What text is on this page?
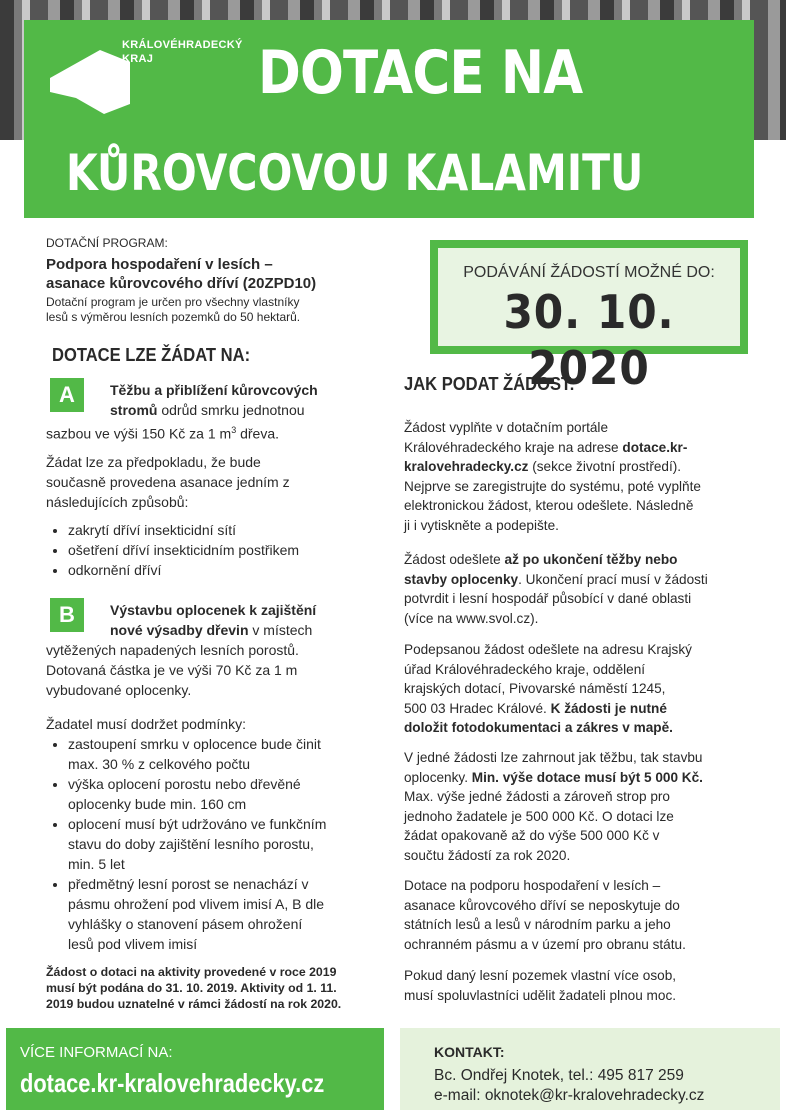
KRÁLOVÉHRADECKÝ
KRAJ	DOTACE NA
KŮROVCOVOU KALAMITU
DOTAČNÍ PROGRAM:
Podpora hospodaření v lesích –
asanace kůrovcového dříví (20ZPD10)
Dotační program je určen pro všechny vlastníky
lesů s výměrou lesních pozemků do 50 hektarů.
DOTACE LZE ŽÁDAT NA:
A	Těžbu a přiblížení kůrovcových
stromů odrůd smrku jednotnou
sazbou ve výši 150 Kč za 1 $m^3$ dřeva.
Žádat lze za předpokladu, že bude
současně provedena asanace jedním z
následujících způsobů:
• zakrytí dříví insekticidní sítí
• ošetření dříví insekticidním postřikem
• odkornění dříví
B	Výstavbu oplocenek k zajištění
nové výsadby dřevin v místech
vytěžených napadených lesních porostů.
Dotovaná částka je ve výši 70 Kč za 1 m
vybudované oplocenky.
Žadatel musí dodržet podmínky:
• zastoupení smrku v oplocence bude činit
max. 30 % z celkového počtu
• výška oplocení porostu nebo dřevěné
oplocenky bude min. 160 cm
• oplocení musí být udržováno ve funkčním
stavu do doby zajištění lesního porostu,
min. 5 let
• předmětný lesní porost se nenachází v
pásmu ohrožení pod vlivem imisí A, B dle
vyhlášky o stanovení pásem ohrožení
lesů pod vlivem imisí
Žádost o dotaci na aktivity provedené v roce 2019
musí být podána do 31. 10. 2019. Aktivity od 1. 11.
2019 budou uznatelné v rámci žádostí na rok 2020.
PODÁVÁNÍ ŽÁDOSTÍ MOŽNÉ DO:
30. 10. 2020
JAK PODAT ŽÁDOST:
Žádost vyplňte v dotačním portále
Královéhradeckého kraje na adrese dotace.kr-
kralovehradecky.cz (sekce životní prostředí).
Nejprve se zaregistrujte do systému, poté vyplňte
elektronickou žádost, kterou odešlete. Následně
ji i vytiskněte a podepište.
Žádost odešlete až po ukončení těžby nebo
stavby oplocenky. Ukončení prací musí v žádosti
potvrdit i lesní hospodář působící v dané oblasti
(více na www.svol.cz).
Podepsanou žádost odešlete na adresu Krajský
úřad Královéhradeckého kraje, oddělení
krajských dotací, Pivovarské náměstí 1245,
500 03 Hradec Králové. K žádosti je nutné
doložit fotodokumentaci a zákres v mapě.
V jedné žádosti lze zahrnout jak těžbu, tak stavbu
oplocenky. Min. výše dotace musí být 5 000 Kč.
Max. výše jedné žádosti a zároveň strop pro
jednoho žadatele je 500 000 Kč. O dotaci lze
žádat opakovaně až do výše 500 000 Kč v
součtu žádostí za rok 2020.
Dotace na podporu hospodaření v lesích –
asanace kůrovcového dříví se neposkytuje do
státních lesů a lesů v národním parku a jeho
ochranném pásmu a v území pro obranu státu.
Pokud daný lesní pozemek vlastní více osob,
musí spoluvlastníci udělit žadateli plnou moc.
VÍCE INFORMACÍ NA:
dotace.kr-kralovehradecky.cz
KONTAKT:
Bc. Ondřej Knotek, tel.: 495 817 259
e-mail: oknotek@kr-kralovehradecky.cz
